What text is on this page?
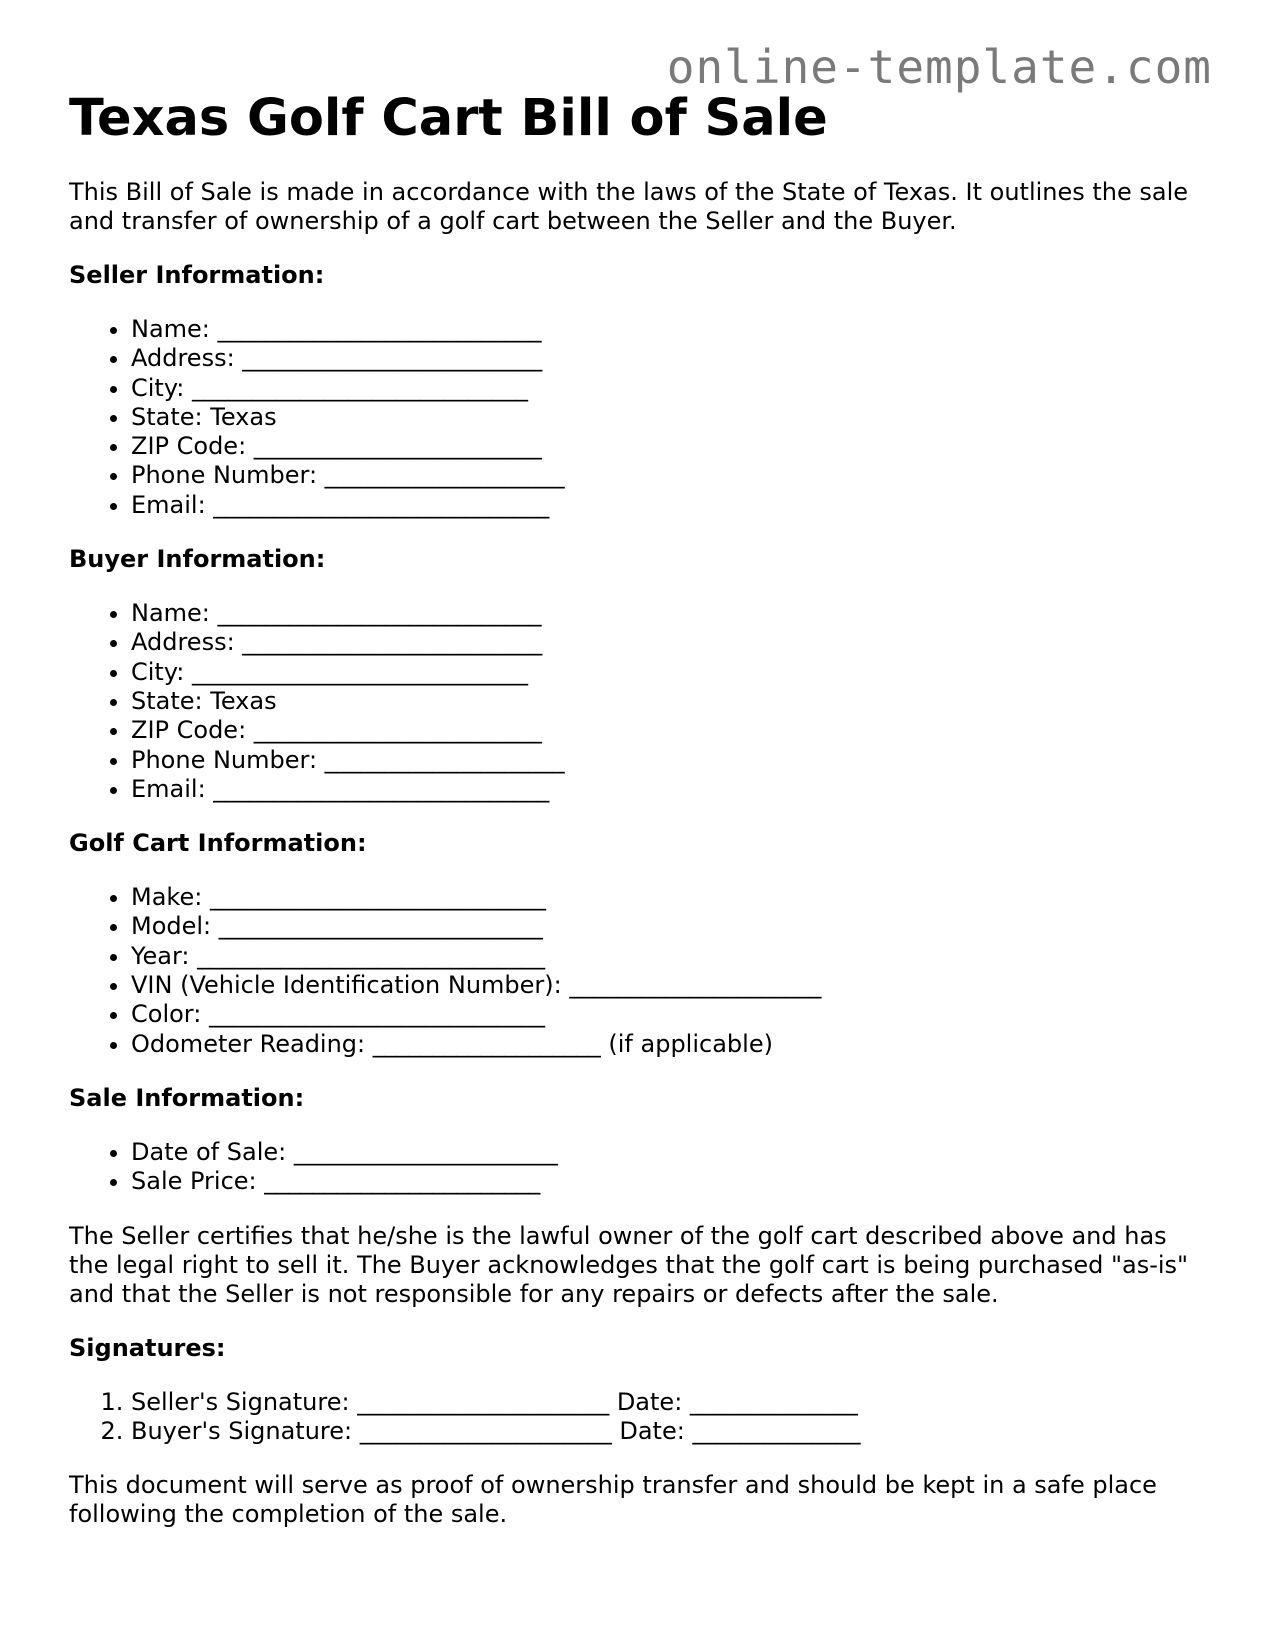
online-template.com
Texas Golf Cart Bill of Sale

This Bill of Sale is made in accordance with the laws of the State of Texas. It outlines the sale and transfer of ownership of a golf cart between the Seller and the Buyer.

Seller Information:
• Name: ___________________________
• Address: _________________________
• City: ____________________________
• State: Texas
• ZIP Code: ________________________
• Phone Number: ____________________
• Email: ____________________________
Buyer Information:
• Name: ___________________________
• Address: _________________________
• City: ____________________________
• State: Texas
• ZIP Code: ________________________
• Phone Number: ____________________
• Email: ____________________________
Golf Cart Information:
• Make: ____________________________
• Model: ___________________________
• Year: _____________________________
• VIN (Vehicle Identification Number): _____________________
• Color: ____________________________
• Odometer Reading: ___________________ (if applicable)
Sale Information:
• Date of Sale: ______________________
• Sale Price: _______________________

The Seller certifies that he/she is the lawful owner of the golf cart described above and has the legal right to sell it. The Buyer acknowledges that the golf cart is being purchased "as-is" and that the Seller is not responsible for any repairs or defects after the sale.

Signatures:
1. Seller's Signature: _____________________ Date: ______________
2. Buyer's Signature: _____________________ Date: ______________

This document will serve as proof of ownership transfer and should be kept in a safe place following the completion of the sale.
